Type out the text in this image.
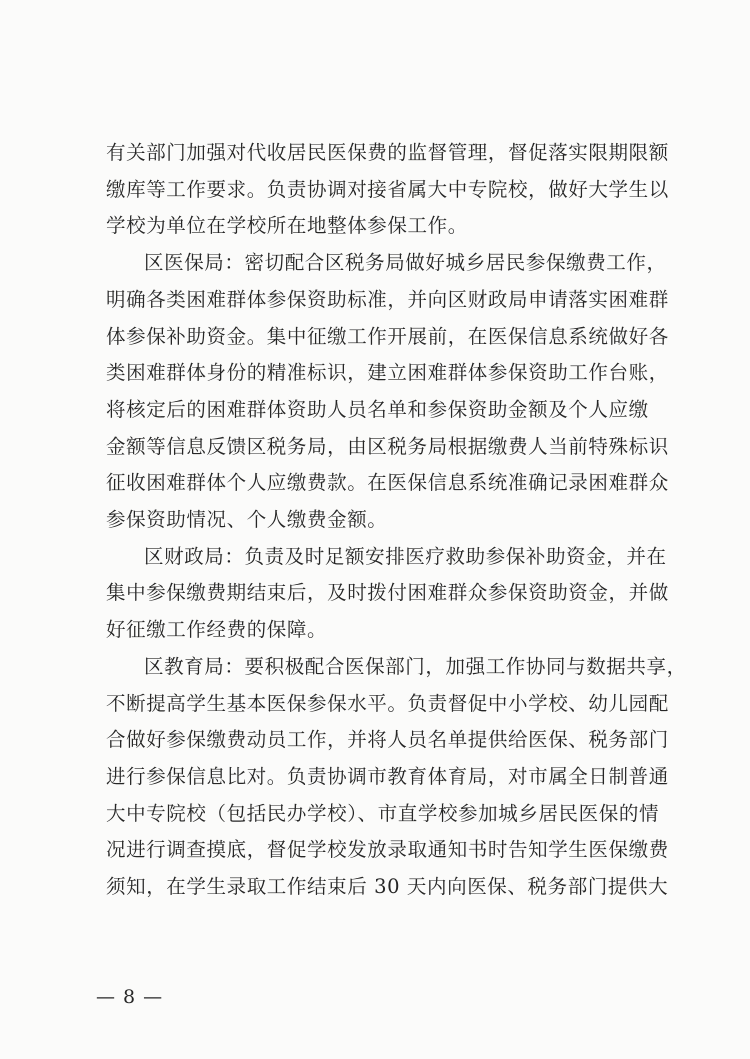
有关部门加强对代收居民医保费的监督管理，督促落实限期限额
缴库等工作要求。负责协调对接省属大中专院校，做好大学生以
学校为单位在学校所在地整体参保工作。

区医保局：密切配合区税务局做好城乡居民参保缴费工作，
明确各类困难群体参保资助标准，并向区财政局申请落实困难群
体参保补助资金。集中征缴工作开展前，在医保信息系统做好各
类困难群体身份的精准标识，建立困难群体参保资助工作台账，
将核定后的困难群体资助人员名单和参保资助金额及个人应缴
金额等信息反馈区税务局，由区税务局根据缴费人当前特殊标识
征收困难群体个人应缴费款。在医保信息系统准确记录困难群众
参保资助情况、个人缴费金额。

区财政局：负责及时足额安排医疗救助参保补助资金，并在
集中参保缴费期结束后，及时拨付困难群众参保资助资金，并做
好征缴工作经费的保障。

区教育局：要积极配合医保部门，加强工作协同与数据共享，
不断提高学生基本医保参保水平。负责督促中小学校、幼儿园配
合做好参保缴费动员工作，并将人员名单提供给医保、税务部门
进行参保信息比对。负责协调市教育体育局，对市属全日制普通
大中专院校（包括民办学校）、市直学校参加城乡居民医保的情
况进行调查摸底，督促学校发放录取通知书时告知学生医保缴费
须知，在学生录取工作结束后 30 天内向医保、税务部门提供大

— 8 —
